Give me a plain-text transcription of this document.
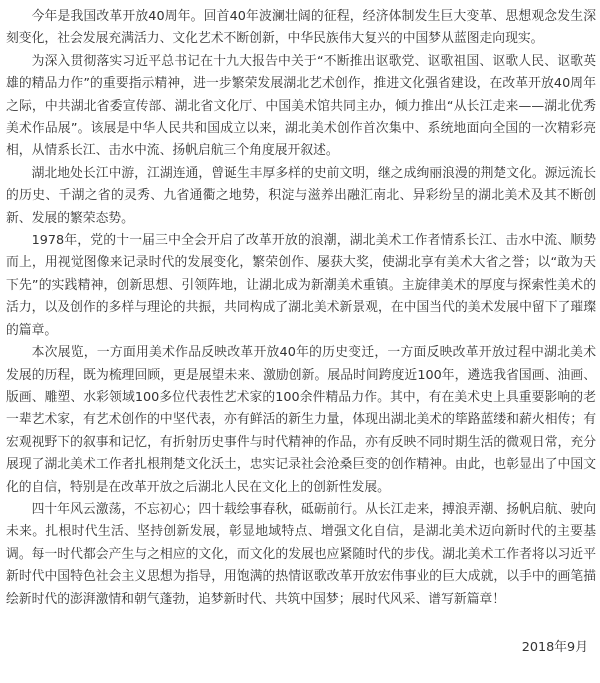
今年是我国改革开放40周年。回首40年波澜壮阔的征程，经济体制发生巨大变革、思想观念发生深刻变化，社会发展充满活力、文化艺术不断创新，中华民族伟大复兴的中国梦从蓝图走向现实。

为深入贯彻落实习近平总书记在十九大报告中关于“不断推出讴歌党、讴歌祖国、讴歌人民、讴歌英雄的精品力作”的重要指示精神，进一步繁荣发展湖北艺术创作，推进文化强省建设，在改革开放40周年之际，中共湖北省委宣传部、湖北省文化厅、中国美术馆共同主办，倾力推出“从长江走来——湖北优秀美术作品展”。该展是中华人民共和国成立以来，湖北美术创作首次集中、系统地面向全国的一次精彩亮相，从情系长江、击水中流、扬帆启航三个角度展开叙述。

湖北地处长江中游，江湖连通，曾诞生丰厚多样的史前文明，继之成绚丽浪漫的荆楚文化。源远流长的历史、千湖之省的灵秀、九省通衢之地势，积淀与滋养出融汇南北、异彩纷呈的湖北美术及其不断创新、发展的繁荣态势。

1978年，党的十一届三中全会开启了改革开放的浪潮，湖北美术工作者情系长江、击水中流、顺势而上，用视觉图像来记录时代的发展变化，繁荣创作、屡获大奖，使湖北享有美术大省之誉；以“敢为天下先”的实践精神，创新思想、引领阵地，让湖北成为新潮美术重镇。主旋律美术的厚度与探索性美术的活力，以及创作的多样与理论的共振，共同构成了湖北美术新景观，在中国当代的美术发展中留下了璀璨的篇章。

本次展览，一方面用美术作品反映改革开放40年的历史变迁，一方面反映改革开放过程中湖北美术发展的历程，既为梳理回顾，更是展望未来、激励创新。展品时间跨度近100年，遴选我省国画、油画、版画、雕塑、水彩领域100多位代表性艺术家的100余件精品力作。其中，有在美术史上具重要影响的老一辈艺术家，有艺术创作的中坚代表，亦有鲜活的新生力量，体现出湖北美术的筚路蓝缕和薪火相传；有宏观视野下的叙事和记忆，有折射历史事件与时代精神的作品，亦有反映不同时期生活的微观日常，充分展现了湖北美术工作者扎根荆楚文化沃土，忠实记录社会沧桑巨变的创作精神。由此，也彰显出了中国文化的自信，特别是在改革开放之后湖北人民在文化上的创新性发展。

四十年风云激荡，不忘初心；四十载绘事春秋，砥砺前行。从长江走来，搏浪弄潮、扬帆启航、驶向未来。扎根时代生活、坚持创新发展，彰显地域特点、增强文化自信，是湖北美术迈向新时代的主要基调。每一时代都会产生与之相应的文化，而文化的发展也应紧随时代的步伐。湖北美术工作者将以习近平新时代中国特色社会主义思想为指导，用饱满的热情讴歌改革开放宏伟事业的巨大成就，以手中的画笔描绘新时代的澎湃激情和朝气蓬勃，追梦新时代、共筑中国梦；展时代风采、谱写新篇章！

2018年9月
